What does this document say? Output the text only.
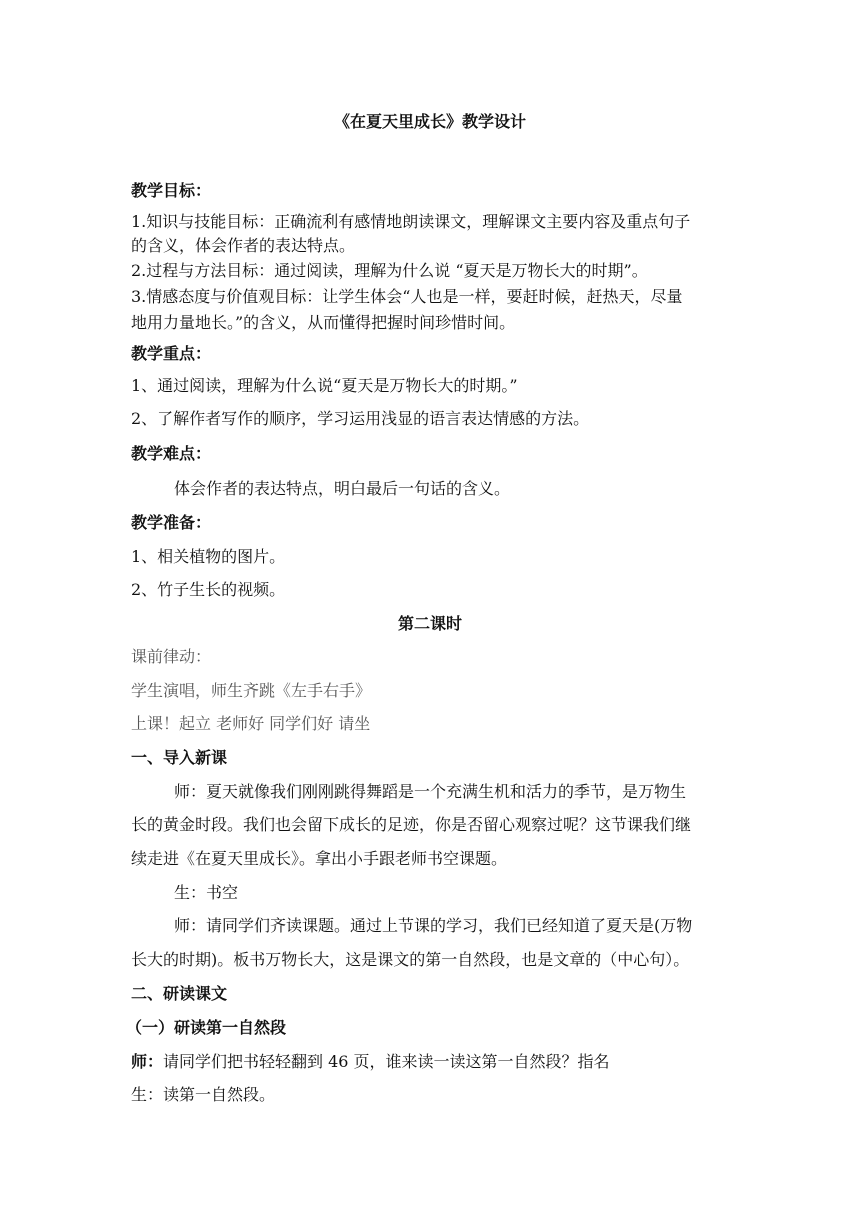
《在夏天里成长》教学设计
教学目标：
1.知识与技能目标：正确流利有感情地朗读课文，理解课文主要内容及重点句子
的含义，体会作者的表达特点。
2.过程与方法目标：通过阅读，理解为什么说 “夏天是万物长大的时期”。
3.情感态度与价值观目标：让学生体会“人也是一样，要赶时候，赶热天，尽量
地用力量地长。”的含义，从而懂得把握时间珍惜时间。
教学重点：
1、通过阅读，理解为什么说“夏天是万物长大的时期。”
2、了解作者写作的顺序，学习运用浅显的语言表达情感的方法。
教学难点：
体会作者的表达特点，明白最后一句话的含义。
教学准备：
1、相关植物的图片。
2、竹子生长的视频。
第二课时
课前律动：
学生演唱，师生齐跳《左手右手》
上课！起立 老师好 同学们好 请坐
一、导入新课
师：夏天就像我们刚刚跳得舞蹈是一个充满生机和活力的季节，是万物生
长的黄金时段。我们也会留下成长的足迹，你是否留心观察过呢？这节课我们继
续走进《在夏天里成长》。拿出小手跟老师书空课题。
生：书空
师：请同学们齐读课题。通过上节课的学习，我们已经知道了夏天是(万物
长大的时期)。板书万物长大，这是课文的第一自然段，也是文章的（中心句）。
二、研读课文
（一）研读第一自然段
师：请同学们把书轻轻翻到 46 页，谁来读一读这第一自然段？指名
生：读第一自然段。
